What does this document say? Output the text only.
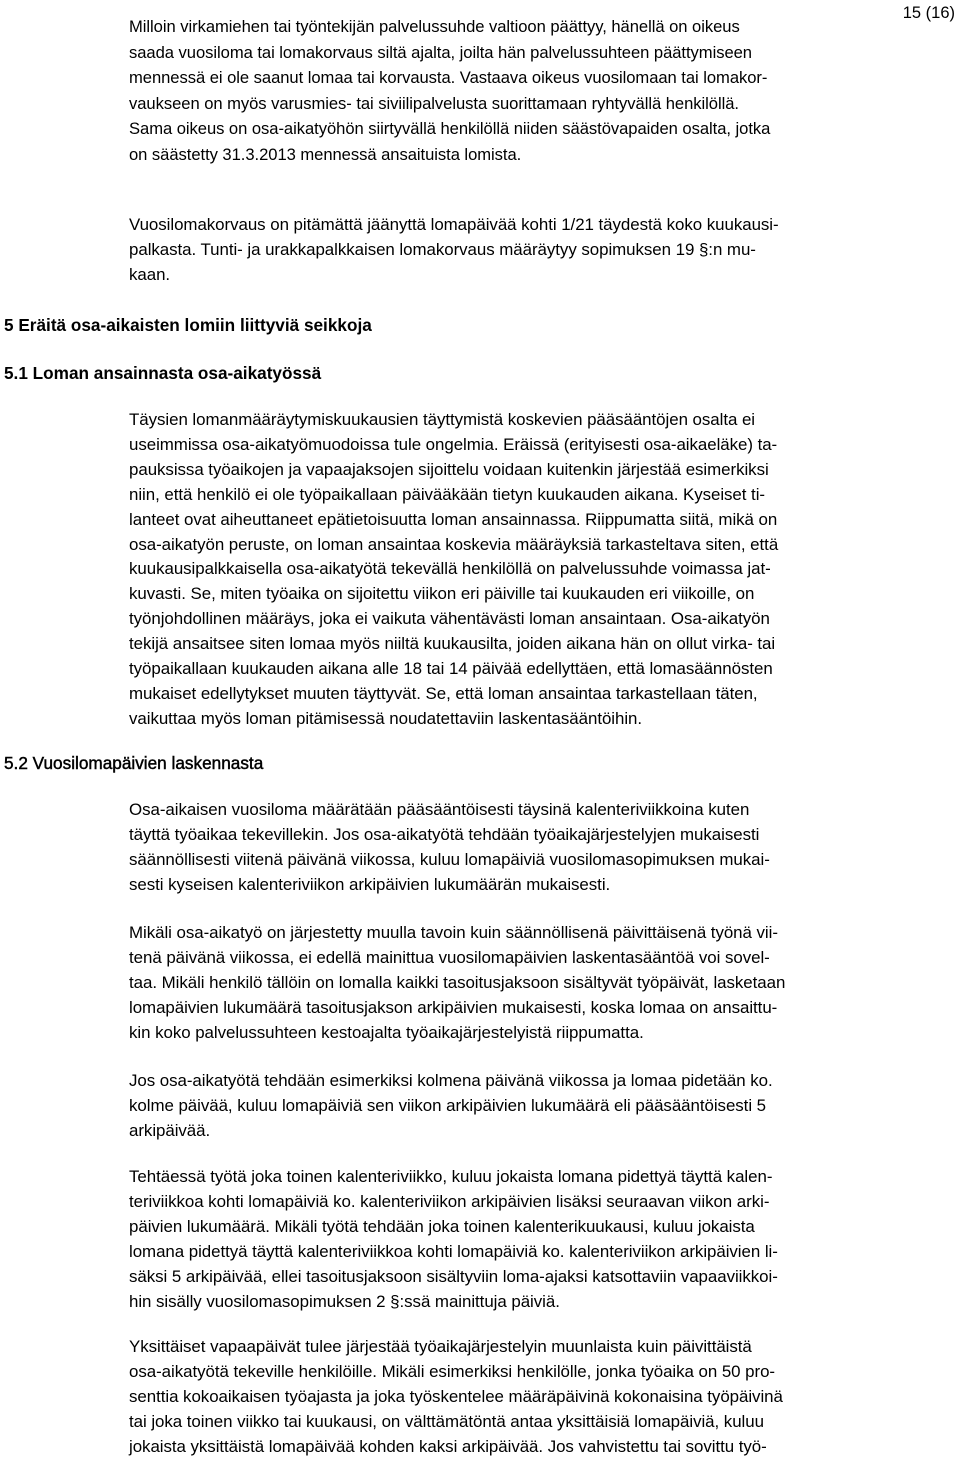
15 (16)
Milloin virkamiehen tai työntekijän palvelussuhde valtioon päättyy, hänellä on oikeus
saada vuosiloma tai lomakorvaus siltä ajalta, joilta hän palvelussuhteen päättymiseen
mennessä ei ole saanut lomaa tai korvausta. Vastaava oikeus vuosilomaan tai lomakor-
vaukseen on myös varusmies- tai siviilipalvelusta suorittamaan ryhtyvällä henkilöllä.
Sama oikeus on osa-aikatyöhön siirtyvällä henkilöllä niiden säästövapaiden osalta, jotka
on säästetty 31.3.2013 mennessä ansaituista lomista.
Vuosilomakorvaus on pitämättä jäänyttä lomapäivää kohti 1/21 täydestä koko kuukausi-
palkasta. Tunti- ja urakkapalkkaisen lomakorvaus määräytyy sopimuksen 19 §:n mu-
kaan.
5 Eräitä osa-aikaisten lomiin liittyviä seikkoja
5.1 Loman ansainnasta osa-aikatyössä
Täysien lomanmääräytymiskuukausien täyttymistä koskevien pääsääntöjen osalta ei
useimmissa osa-aikatyömuodoissa tule ongelmia. Eräissä (erityisesti osa-aikaeläke) ta-
pauksissa työaikojen ja vapaajaksojen sijoittelu voidaan kuitenkin järjestää esimerkiksi
niin, että henkilö ei ole työpaikallaan päivääkään tietyn kuukauden aikana. Kyseiset ti-
lanteet ovat aiheuttaneet epätietoisuutta loman ansainnassa. Riippumatta siitä, mikä on
osa-aikatyön peruste, on loman ansaintaa koskevia määräyksiä tarkasteltava siten, että
kuukausipalkkaisella osa-aikatyötä tekevällä henkilöllä on palvelussuhde voimassa jat-
kuvasti. Se, miten työaika on sijoitettu viikon eri päiville tai kuukauden eri viikoille, on
työnjohdollinen määräys, joka ei vaikuta vähentävästi loman ansaintaan. Osa-aikatyön
tekijä ansaitsee siten lomaa myös niiltä kuukausilta, joiden aikana hän on ollut virka- tai
työpaikallaan kuukauden aikana alle 18 tai 14 päivää edellyttäen, että lomasäännösten
mukaiset edellytykset muuten täyttyvät. Se, että loman ansaintaa tarkastellaan täten,
vaikuttaa myös loman pitämisessä noudatettaviin laskentasääntöihin.
5.2 Vuosilomapäivien laskennasta
Osa-aikaisen vuosiloma määrätään pääsääntöisesti täysinä kalenteriviikkoina kuten
täyttä työaikaa tekevillekin. Jos osa-aikatyötä tehdään työaikajärjestelyjen mukaisesti
säännöllisesti viitenä päivänä viikossa, kuluu lomapäiviä vuosilomasopimuksen mukai-
sesti kyseisen kalenteriviikon arkipäivien lukumäärän mukaisesti.
Mikäli osa-aikatyö on järjestetty muulla tavoin kuin säännöllisenä päivittäisenä työnä vii-
tenä päivänä viikossa, ei edellä mainittua vuosilomapäivien laskentasääntöä voi sovel-
taa. Mikäli henkilö tällöin on lomalla kaikki tasoitusjaksoon sisältyvät työpäivät, lasketaan
lomapäivien lukumäärä tasoitusjakson arkipäivien mukaisesti, koska lomaa on ansaittu-
kin koko palvelussuhteen kestoajalta työaikajärjestelyistä riippumatta.
Jos osa-aikatyötä tehdään esimerkiksi kolmena päivänä viikossa ja lomaa pidetään ko.
kolme päivää, kuluu lomapäiviä sen viikon arkipäivien lukumäärä eli pääsääntöisesti 5
arkipäivää.
Tehtäessä työtä joka toinen kalenteriviikko, kuluu jokaista lomana pidettyä täyttä kalen-
teriviikkoa kohti lomapäiviä ko. kalenteriviikon arkipäivien lisäksi seuraavan viikon arki-
päivien lukumäärä. Mikäli työtä tehdään joka toinen kalenterikuukausi, kuluu jokaista
lomana pidettyä täyttä kalenteriviikkoa kohti lomapäiviä ko. kalenteriviikon arkipäivien li-
säksi 5 arkipäivää, ellei tasoitusjaksoon sisältyviin loma-ajaksi katsottaviin vapaaviikkoi-
hin sisälly vuosilomasopimuksen 2 §:ssä mainittuja päiviä.
Yksittäiset vapaapäivät tulee järjestää työaikajärjestelyin muunlaista kuin päivittäistä
osa-aikatyötä tekeville henkilöille. Mikäli esimerkiksi henkilölle, jonka työaika on 50 pro-
senttia kokoaikaisen työajasta ja joka työskentelee määräpäivinä kokonaisina työpäivinä
tai joka toinen viikko tai kuukausi, on välttämätöntä antaa yksittäisiä lomapäiviä, kuluu
jokaista yksittäistä lomapäivää kohden kaksi arkipäivää. Jos vahvistettu tai sovittu työ-
